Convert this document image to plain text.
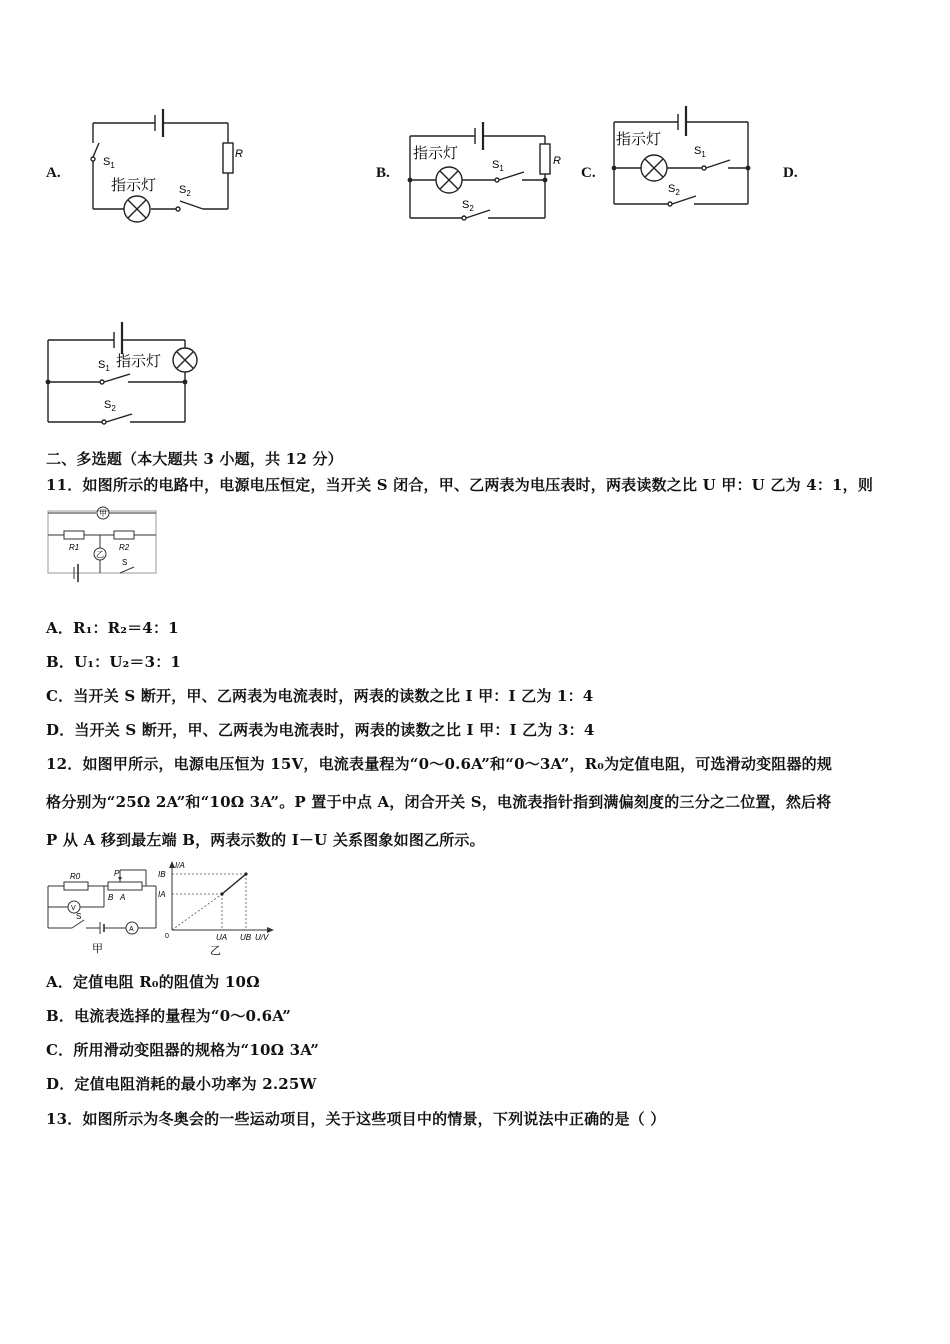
A.
$S_1$
指示灯 $S_2$
R
B.
指示灯
$S_1$
$S_2$
R
C.
指示灯
$S_1$
$S_2$
D.
$S_1$ 指示灯
$S_2$
二、多选题（本大题共 3 小题，共 12 分）
11．如图所示的电路中，电源电压恒定，当开关 S 闭合，甲、乙两表为电压表时，两表读数之比 U 甲：U 乙为 4：1，则
甲
乙
R1	R2
S
A．R₁：R₂＝4：1
B．U₁：U₂＝3：1
C．当开关 S 断开，甲、乙两表为电流表时，两表的读数之比 I 甲：I 乙为 1：4
D．当开关 S 断开，甲、乙两表为电流表时，两表的读数之比 I 甲：I 乙为 3：4
12．如图甲所示，电源电压恒为 15V，电流表量程为“0～0.6A”和“0～3A”，R₀为定值电阻，可选滑动变阻器的规
格分别为“25Ω 2A”和“10Ω 3A”。P 置于中点 A，闭合开关 S，电流表指针指到满偏刻度的三分之二位置，然后将
P 从 A 移到最左端 B，两表示数的 I－U 关系图象如图乙所示。
R0	P
B A
V
A
S
甲
I/A
IB
IA
UA UB U/V
0
乙
A．定值电阻 R₀的阻值为 10Ω
B．电流表选择的量程为“0～0.6A”
C．所用滑动变阻器的规格为“10Ω 3A”
D．定值电阻消耗的最小功率为 2.25W
13．如图所示为冬奥会的一些运动项目，关于这些项目中的情景，下列说法中正确的是（ ）
